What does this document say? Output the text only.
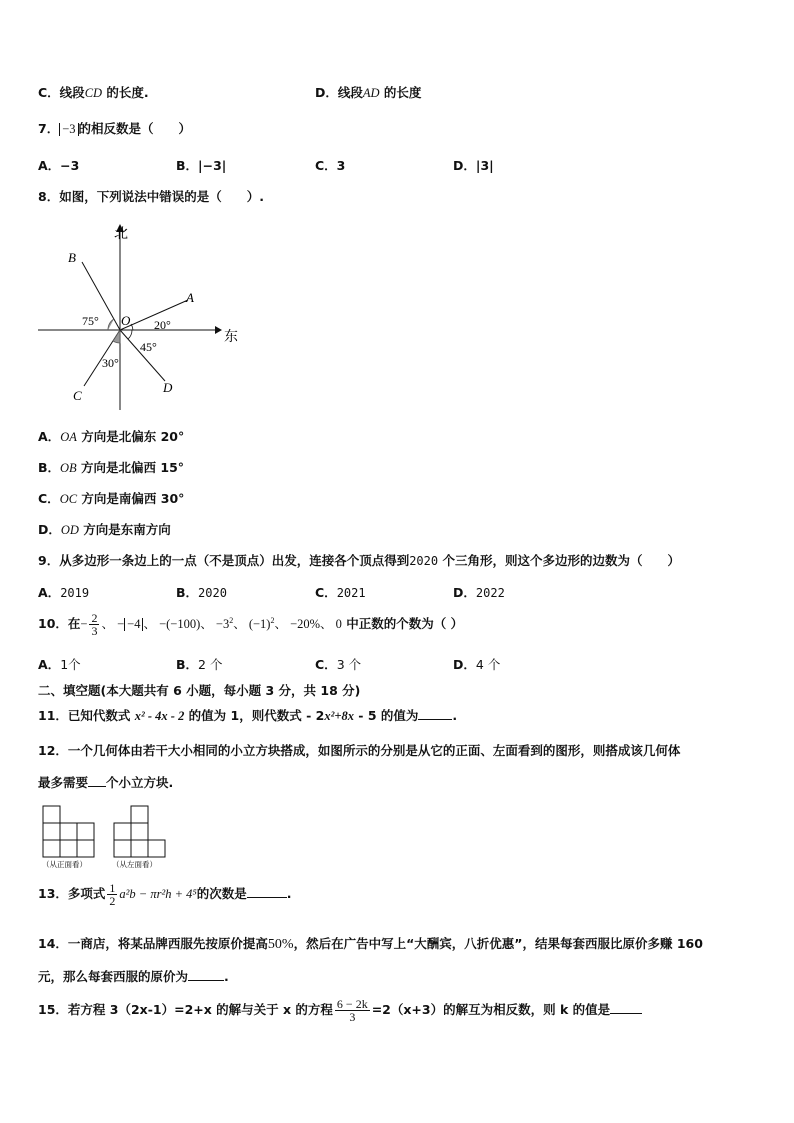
C．线段CD 的长度.	D．线段AD 的长度
7． −3 的相反数是（　　）
A．−3	B．|−3|	C．3	D．|3|
8．如图，下列说法中错误的是（　　）.
北
东
B
A
C
D
O
75°	20°
45°
30°
A．OA 方向是北偏东 20°
B．OB 方向是北偏西 15°
C．OC 方向是南偏西 30°
D．OD 方向是东南方向
9．从多边形一条边上的一点（不是顶点）出发，连接各个顶点得到2020 个三角形，则这个多边形的边数为（　　）
A．2019	B．2020	C．2021	D．2022
10．在− $\frac{2}{3}$ 、 − −4 、 −(−100)、 $-3^2$、 $(-1)^2$、 −20%、 0 中正数的个数为（ ）
A．1个	B．2 个	C．3 个	D．4 个
二、填空题(本大题共有 6 小题，每小题 3 分，共 18 分)
11．已知代数式 x² - 4x - 2 的值为 1，则代数式 - 2x²+8x - 5 的值为	.
12．一个几何体由若干大小相同的小立方块搭成，如图所示的分别是从它的正面、左面看到的图形，则搭成该几何体
最多需要 个小立方块.
（从正面看）	（从左面看）
13．多项式 $\frac{1}{2} a^2b - \pi r^2h + 4^5$的次数是	.
14．一商店，将某品牌西服先按原价提高50%，然后在广告中写上“大酬宾，八折优惠”，结果每套西服比原价多赚 160
元，那么每套西服的原价为	.
15．若方程 3（2x-1）=2+x 的解与关于 x 的方程 $\frac{6 - 2k}{3} =2(x+3)$的解互为相反数，则 k 的值是
